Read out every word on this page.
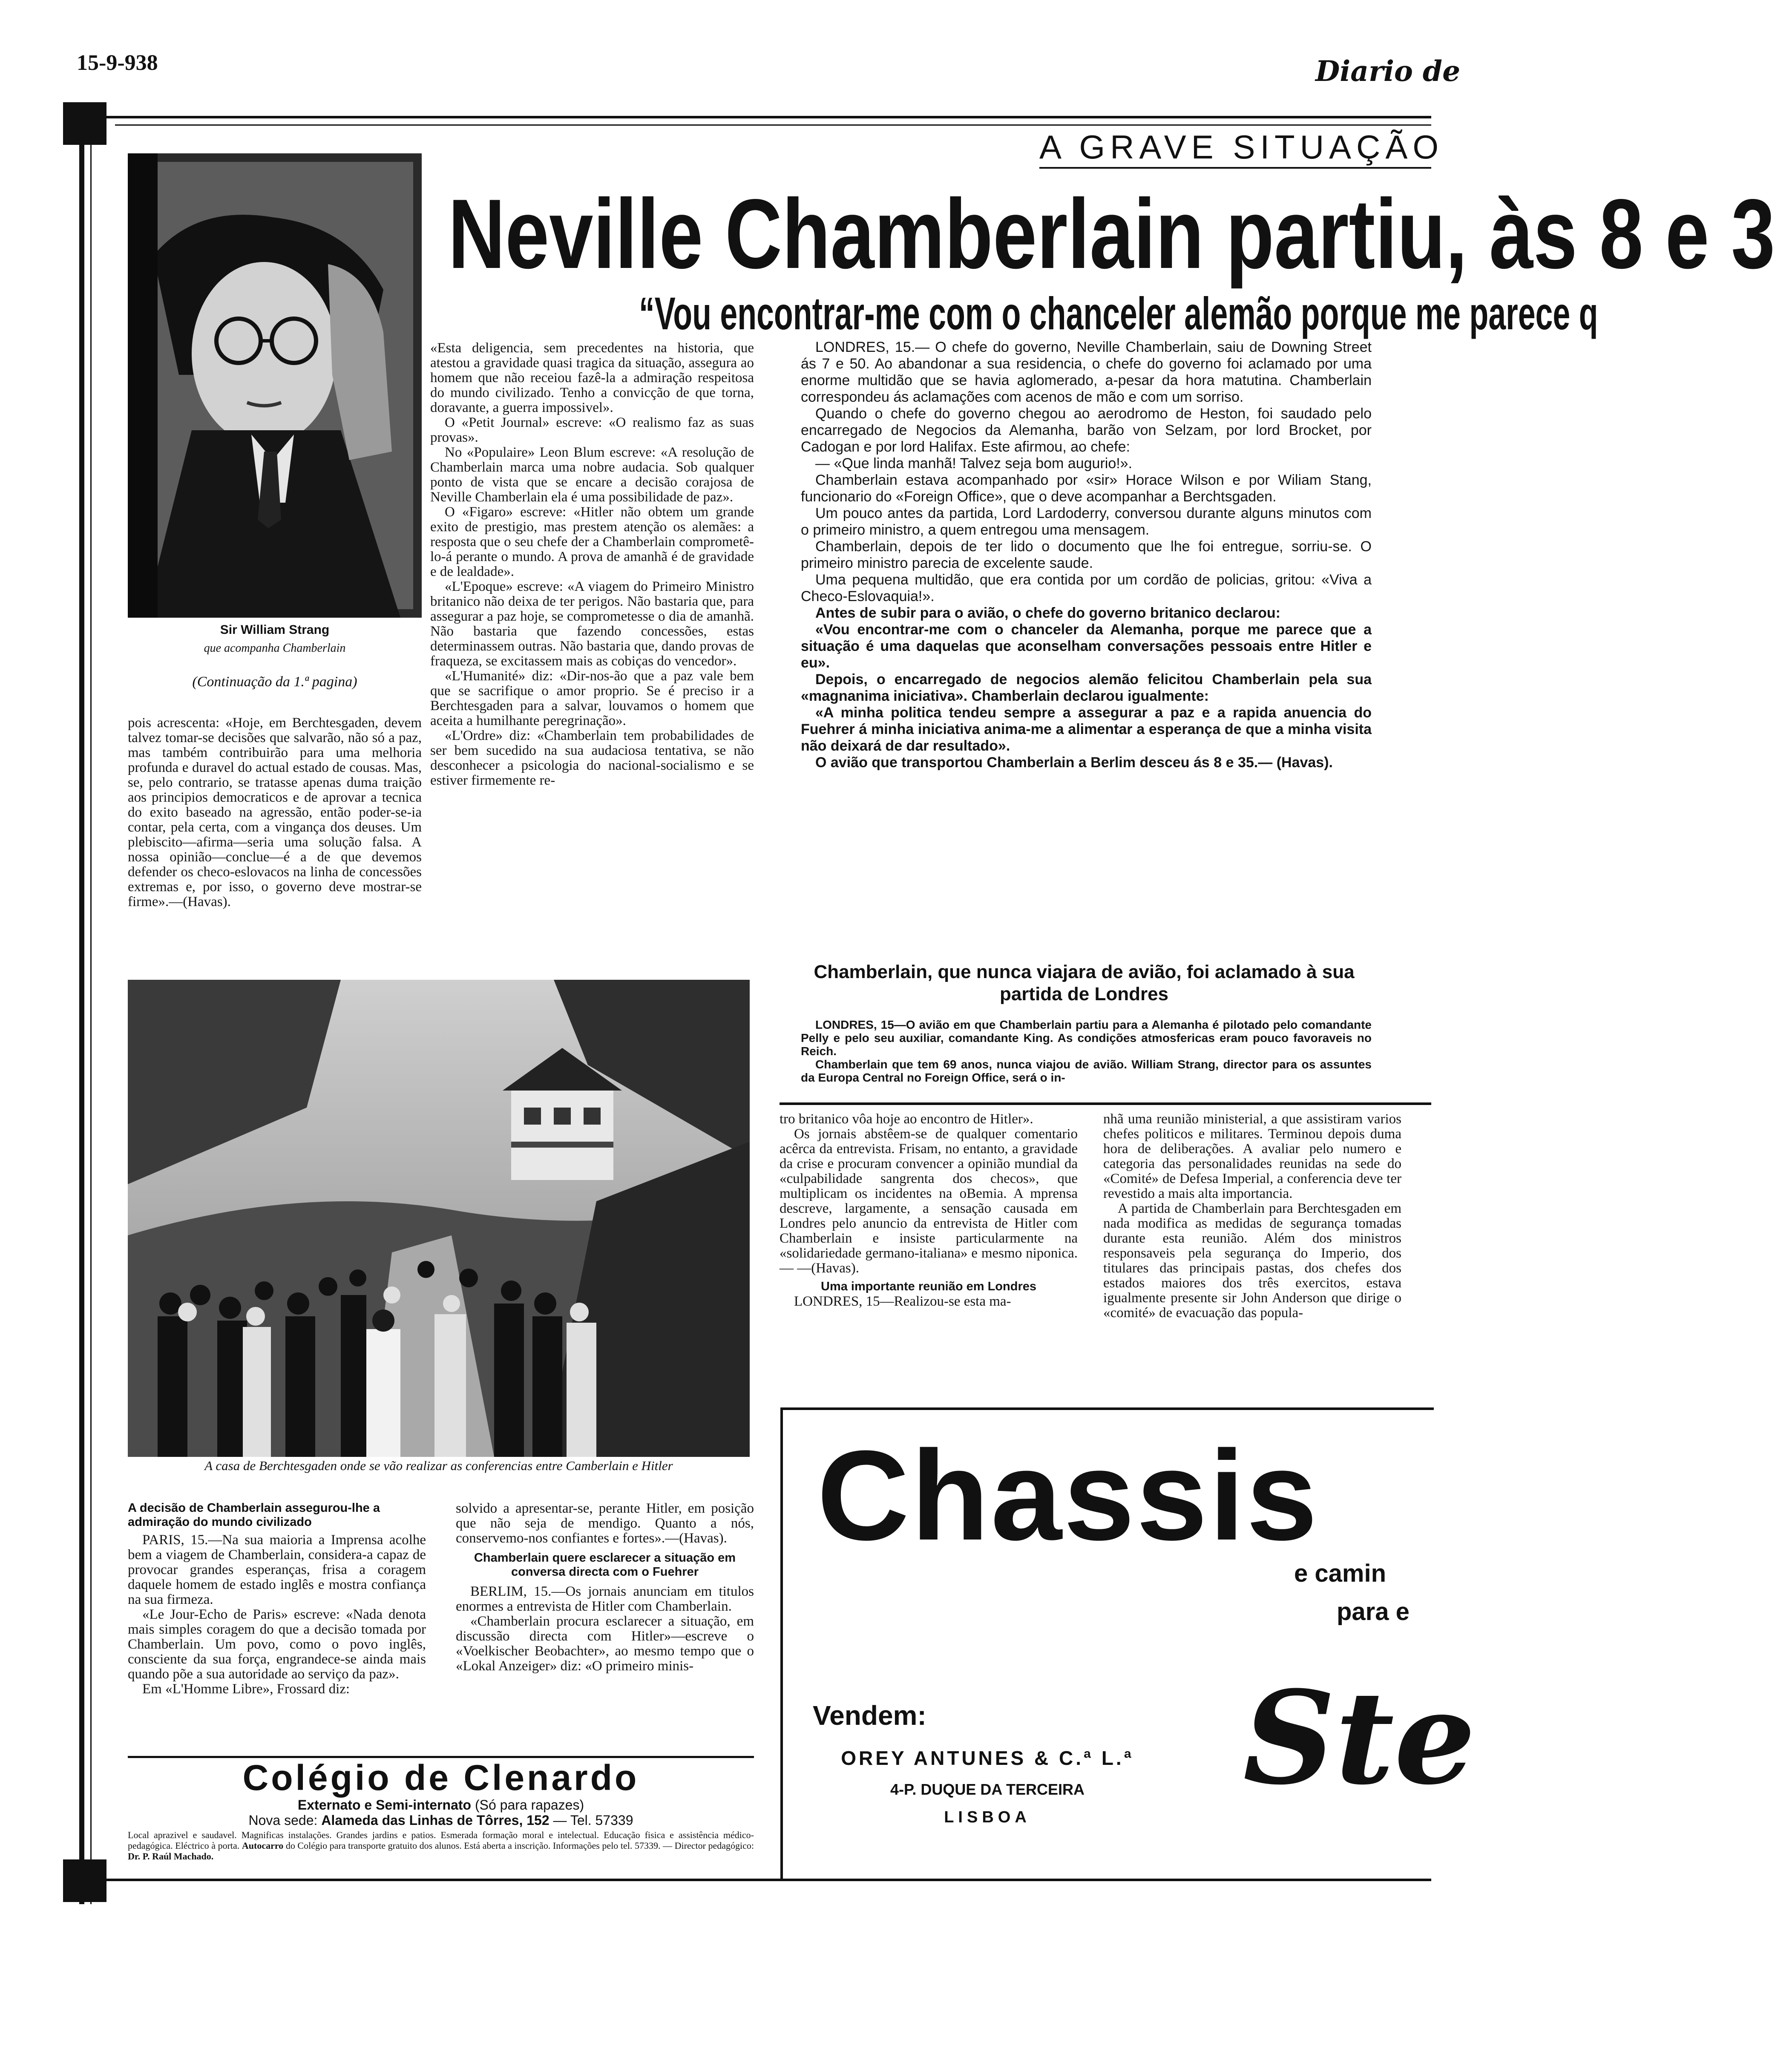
15-9-938	Diario de
A GRAVE SITUAÇÃO
Neville Chamberlain partiu, às 8 e 3
“Vou encontrar-me com o chanceler alemão porque me parece q
Sir William Strang
que acompanha Chamberlain
(Continuação da 1.ª pagina)

pois acrescenta: «Hoje, em Berchtesgaden, devem talvez tomar-se decisões que salvarão, não só a paz, mas também contribuirão para uma melhoria profunda e duravel do actual estado de cousas. Mas, se, pelo contrario, se tratasse apenas duma traição aos principios democraticos e de aprovar a tecnica do exito baseado na agressão, então poder-se-ia contar, pela certa, com a vingança dos deuses. Um plebiscito—afirma—seria uma solução falsa. A nossa opinião—conclue—é a de que devemos defender os checo-eslovacos na linha de concessões extremas e, por isso, o governo deve mostrar-se firme».—(Havas).

«Esta deligencia, sem precedentes na historia, que atestou a gravidade quasi tragica da situação, assegura ao homem que não receiou fazê-la a admiração respeitosa do mundo civilizado. Tenho a convicção de que torna, doravante, a guerra impossivel».

O «Petit Journal» escreve: «O realismo faz as suas provas».

No «Populaire» Leon Blum escreve: «A resolução de Chamberlain marca uma nobre audacia. Sob qualquer ponto de vista que se encare a decisão corajosa de Neville Chamberlain ela é uma possibilidade de paz».

O «Figaro» escreve: «Hitler não obtem um grande exito de prestigio, mas prestem atenção os alemães: a resposta que o seu chefe der a Chamberlain comprometê-lo-á perante o mundo. A prova de amanhã é de gravidade e de lealdade».

«L'Epoque» escreve: «A viagem do Primeiro Ministro britanico não deixa de ter perigos. Não bastaria que, para assegurar a paz hoje, se comprometesse o dia de amanhã. Não bastaria que fazendo concessões, estas determinassem outras. Não bastaria que, dando provas de fraqueza, se excitassem mais as cobiças do vencedor».

«L'Humanité» diz: «Dir-nos-ão que a paz vale bem que se sacrifique o amor proprio. Se é preciso ir a Berchtesgaden para a salvar, louvamos o homem que aceita a humilhante peregrinação».

«L'Ordre» diz: «Chamberlain tem probabilidades de ser bem sucedido na sua audaciosa tentativa, se não desconhecer a psicologia do nacional-socialismo e se estiver firmemente re-

LONDRES, 15.— O chefe do governo, Neville Chamberlain, saiu de Downing Street ás 7 e 50. Ao abandonar a sua residencia, o chefe do governo foi aclamado por uma enorme multidão que se havia aglomerado, a-pesar da hora matutina. Chamberlain correspondeu ás aclamações com acenos de mão e com um sorriso.

Quando o chefe do governo chegou ao aerodromo de Heston, foi saudado pelo encarregado de Negocios da Alemanha, barão von Selzam, por lord Brocket, por Cadogan e por lord Halifax. Este afirmou, ao chefe:

— «Que linda manhã! Talvez seja bom augurio!».

Chamberlain estava acompanhado por «sir» Horace Wilson e por Wiliam Stang, funcionario do «Foreign Office», que o deve acompanhar a Berchtsgaden.

Um pouco antes da partida, Lord Lardoderry, conversou durante alguns minutos com o primeiro ministro, a quem entregou uma mensagem.

Chamberlain, depois de ter lido o documento que lhe foi entregue, sorriu-se. O primeiro ministro parecia de excelente saude.

Uma pequena multidão, que era contida por um cordão de policias, gritou: «Viva a Checo-Eslovaquia!».

Antes de subir para o avião, o chefe do governo britanico declarou:

«Vou encontrar-me com o chanceler da Alemanha, porque me parece que a situação é uma daquelas que aconselham conversações pessoais entre Hitler e eu».

Depois, o encarregado de negocios alemão felicitou Chamberlain pela sua «magnanima iniciativa». Chamberlain declarou igualmente:

«A minha politica tendeu sempre a assegurar a paz e a rapida anuencia do Fuehrer á minha iniciativa anima-me a alimentar a esperança de que a minha visita não deixará de dar resultado».

O avião que transportou Chamberlain a Berlim desceu ás 8 e 35.— (Havas).

Chamberlain, que nunca viajara de avião, foi aclamado à sua partida de Londres

LONDRES, 15—O avião em que Chamberlain partiu para a Alemanha é pilotado pelo comandante Pelly e pelo seu auxiliar, comandante King. As condições atmosfericas eram pouco favoraveis no Reich.

Chamberlain que tem 69 anos, nunca viajou de avião. William Strang, director para os assuntes da Europa Central no Foreign Office, será o in-

tro britanico vôa hoje ao encontro de Hitler».

Os jornais abstêem-se de qualquer comentario acêrca da entrevista. Frisam, no entanto, a gravidade da crise e procuram convencer a opinião mundial da «culpabilidade sangrenta dos checos», que multiplicam os incidentes na oBemia. A mprensa descreve, largamente, a sensação causada em Londres pelo anuncio da entrevista de Hitler com Chamberlain e insiste particularmente na «solidariedade germano-italiana» e mesmo niponica.— —(Havas).

Uma importante reunião em Londres

LONDRES, 15—Realizou-se esta ma-

nhã uma reunião ministerial, a que assistiram varios chefes politicos e militares. Terminou depois duma hora de deliberações. A avaliar pelo numero e categoria das personalidades reunidas na sede do «Comité» de Defesa Imperial, a conferencia deve ter revestido a mais alta importancia.

A partida de Chamberlain para Berchtesgaden em nada modifica as medidas de segurança tomadas durante esta reunião. Além dos ministros responsaveis pela segurança do Imperio, dos titulares das principais pastas, dos chefes dos estados maiores dos três exercitos, estava igualmente presente sir John Anderson que dirige o «comité» de evacuação das popula-

A casa de Berchtesgaden onde se vão realizar as conferencias entre Camberlain e Hitler
A decisão de Chamberlain assegurou-lhe a admiração do mundo civilizado

PARIS, 15.—Na sua maioria a Imprensa acolhe bem a viagem de Chamberlain, considera-a capaz de provocar grandes esperanças, frisa a coragem daquele homem de estado inglês e mostra confiança na sua firmeza.

«Le Jour-Echo de Paris» escreve: «Nada denota mais simples coragem do que a decisão tomada por Chamberlain. Um povo, como o povo inglês, consciente da sua força, engrandece-se ainda mais quando põe a sua autoridade ao serviço da paz».

Em «L'Homme Libre», Frossard diz:

solvido a apresentar-se, perante Hitler, em posição que não seja de mendigo. Quanto a nós, conservemo-nos confiantes e fortes».—(Havas).

Chamberlain quere esclarecer a situação em conversa directa com o Fuehrer

BERLIM, 15.—Os jornais anunciam em titulos enormes a entrevista de Hitler com Chamberlain.

«Chamberlain procura esclarecer a situação, em discussão directa com Hitler»—escreve o «Voelkischer Beobachter», ao mesmo tempo que o «Lokal Anzeiger» diz: «O primeiro minis-

Colégio de Clenardo
Externato e Semi-internato (Só para rapazes)
Nova sede: Alameda das Linhas de Tôrres, 152 — Tel. 57339
Local aprazivel e saudavel. Magnificas instalações. Grandes jardins e patios. Esmerada formação moral e intelectual. Educação fisica e assistência médico-pedagógica. Eléctrico à porta. Autocarro do Colégio para transporte gratuito dos alunos. Está aberta a inscrição. Informações pelo tel. 57339. — Director pedagógico: Dr. P. Raúl Machado.
Chassis
e camin
para e
Vendem:
OREY ANTUNES & C.ª L.ª
4-P. DUQUE DA TERCEIRA
LISBOA
Ste
